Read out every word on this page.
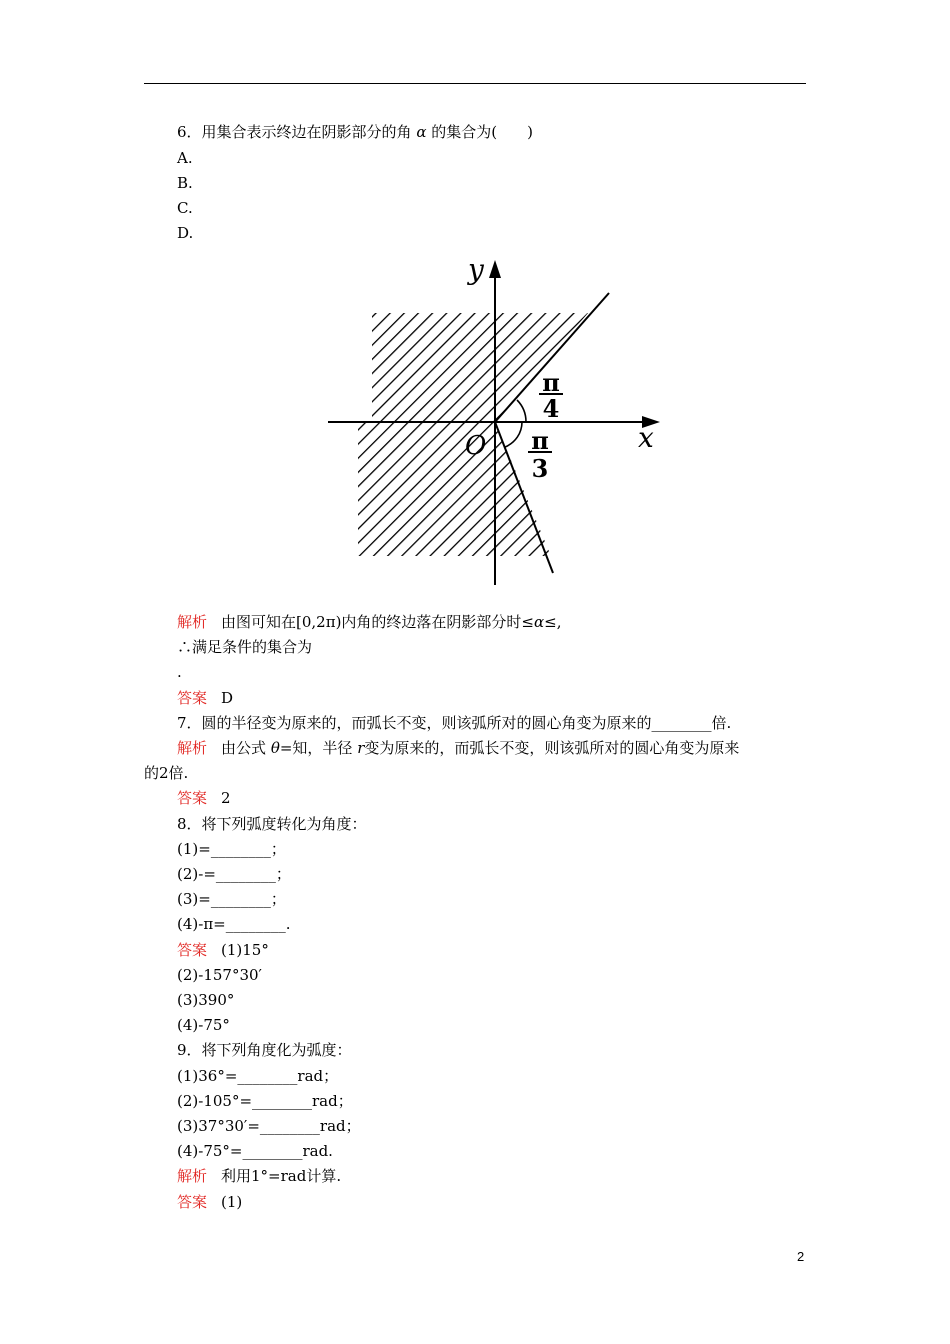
6．用集合表示终边在阴影部分的角 α 的集合为(　　)
A.
B.
C.
D.
y
x
O
π
4
π
3
解析 由图可知在[0,2π)内角的终边落在阴影部分时≤α≤,
∴满足条件的集合为
.
答案 D
7．圆的半径变为原来的，而弧长不变，则该弧所对的圆心角变为原来的________倍.
解析 由公式 θ=知，半径 r变为原来的，而弧长不变，则该弧所对的圆心角变为原来
的2倍.
答案 2
8．将下列弧度转化为角度：
(1)=________；
(2)-=________；
(3)=________；
(4)-π=________.
答案 (1)15°
(2)-157°30′
(3)390°
(4)-75°
9．将下列角度化为弧度：
(1)36°=________rad；
(2)-105°=________rad；
(3)37°30′=________rad；
(4)-75°=________rad.
解析 利用1°=rad计算.
答案 (1)
2
